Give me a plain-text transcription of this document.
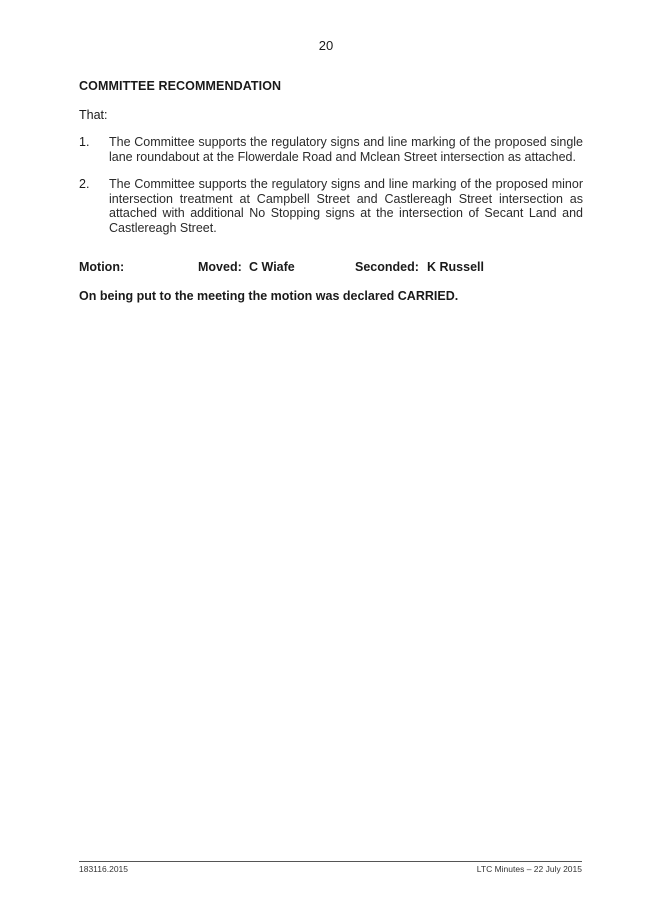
20
COMMITTEE RECOMMENDATION
That:
1.	The Committee supports the regulatory signs and line marking of the proposed single lane roundabout at the Flowerdale Road and Mclean Street intersection as attached.
2.	The Committee supports the regulatory signs and line marking of the proposed minor intersection treatment at Campbell Street and Castlereagh Street intersection as attached with additional No Stopping signs at the intersection of Secant Land and Castlereagh Street.
Motion:	Moved: C Wiafe	Seconded: K Russell
On being put to the meeting the motion was declared CARRIED.
183116.2015	LTC Minutes – 22 July 2015
